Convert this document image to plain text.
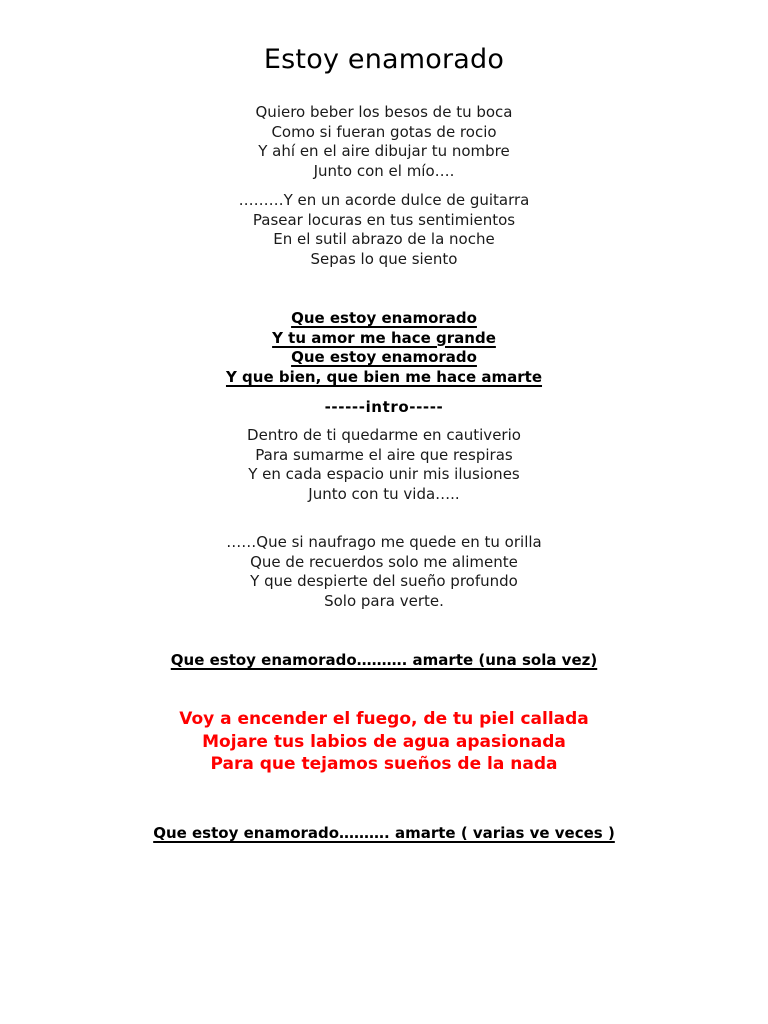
Estoy enamorado
Quiero beber los besos de tu boca
Como si fueran gotas de rocio
Y ahí en el aire dibujar tu nombre
Junto con el mío….
………Y en un acorde dulce de guitarra
Pasear locuras en tus sentimientos
En el sutil abrazo de la noche
Sepas lo que siento
Que estoy enamorado
Y tu amor me hace grande
Que estoy enamorado
Y que bien, que bien me hace amarte
------intro-----
Dentro de ti quedarme en cautiverio
Para sumarme el aire que respiras
Y en cada espacio unir mis ilusiones
Junto con tu vida…..
……Que si naufrago me quede en tu orilla
Que de recuerdos solo me alimente
Y que despierte del sueño profundo
Solo para verte.
Que estoy enamorado………. amarte (una sola vez)
Voy a encender el fuego, de tu piel callada
Mojare tus labios de agua apasionada
Para que tejamos sueños de la nada
Que estoy enamorado………. amarte ( varias ve veces )
